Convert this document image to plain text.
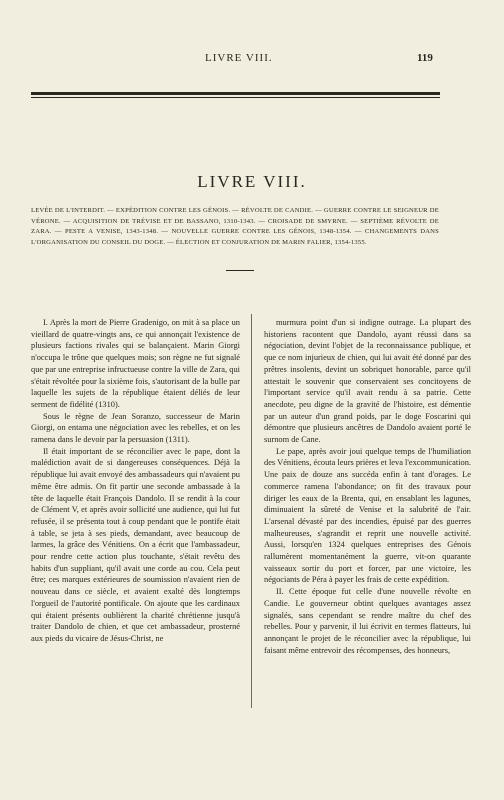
LIVRE VIII.	119
LIVRE VIII.
LEVÉE DE L'INTERDIT. — EXPÉDITION CONTRE LES GÉNOIS. — RÉVOLTE DE CANDIE. — GUERRE CONTRE LE SEIGNEUR DE VÉRONE. — ACQUISITION DE TRÉVISE ET DE BASSANO, 1310-1343. — CROISADE DE SMYRNE. — SEPTIÈME RÉVOLTE DE ZARA. — PESTE A VENISE, 1343-1348. — NOUVELLE GUERRE CONTRE LES GÉNOIS, 1348-1354. — CHANGEMENTS DANS L'ORGANISATION DU CONSEIL DU DOGE. — ÉLECTION ET CONJURATION DE MARIN FALIER, 1354-1355.

I. Après la mort de Pierre Gradenigo, on mit à sa place un vieillard de quatre-vingts ans, ce qui annonçait l'existence de plusieurs factions rivales qui se balançaient. Marin Giorgi n'occupa le trône que quelques mois; son règne ne fut signalé que par une entreprise infructueuse contre la ville de Zara, qui s'était révoltée pour la sixième fois, s'autorisant de la bulle par laquelle les sujets de la république étaient déliés de leur serment de fidélité (1310).

Sous le règne de Jean Soranzo, successeur de Marin Giorgi, on entama une négociation avec les rebelles, et on les ramena dans le devoir par la persuasion (1311).

Il était important de se réconcilier avec le pape, dont la malédiction avait de si dangereuses conséquences. Déjà la république lui avait envoyé des ambassadeurs qui n'avaient pu même être admis. On fit partir une seconde ambassade à la tête de laquelle était François Dandolo. Il se rendit à la cour de Clément V, et après avoir sollicité une audience, qui lui fut refusée, il se présenta tout à coup pendant que le pontife était à table, se jeta à ses pieds, demandant, avec beaucoup de larmes, la grâce des Vénitiens. On a écrit que l'ambassadeur, pour rendre cette action plus touchante, s'était revêtu des habits d'un suppliant, qu'il avait une corde au cou. Cela peut être; ces marques extérieures de soumission n'avaient rien de nouveau dans ce siècle, et avaient exalté dès longtemps l'orgueil de l'autorité pontificale. On ajoute que les cardinaux qui étaient présents oublièrent la charité chrétienne jusqu'à traiter Dandolo de chien, et que cet ambassadeur, prosterné aux pieds du vicaire de Jésus-Christ, ne

murmura point d'un si indigne outrage. La plupart des historiens racontent que Dandolo, ayant réussi dans sa négociation, devint l'objet de la reconnaissance publique, et que ce nom injurieux de chien, qui lui avait été donné par des prêtres insolents, devint un sobriquet honorable, parce qu'il attestait le souvenir que conservaient ses concitoyens de l'important service qu'il avait rendu à sa patrie. Cette anecdote, peu digne de la gravité de l'histoire, est démentie par un auteur d'un grand poids, par le doge Foscarini qui démontre que plusieurs ancêtres de Dandolo avaient porté le surnom de Cane.

Le pape, après avoir joui quelque temps de l'humiliation des Vénitiens, écouta leurs prières et leva l'excommunication. Une paix de douze ans succéda enfin à tant d'orages. Le commerce ramena l'abondance; on fit des travaux pour diriger les eaux de la Brenta, qui, en ensablant les lagunes, diminuaient la sûreté de Venise et la salubrité de l'air. L'arsenal dévasté par des incendies, épuisé par des guerres malheureuses, s'agrandit et reprit une nouvelle activité. Aussi, lorsqu'en 1324 quelques entreprises des Génois rallumèrent momentanément la guerre, vit-on quarante vaisseaux sortir du port et forcer, par une victoire, les négociants de Péra à payer les frais de cette expédition.

II. Cette époque fut celle d'une nouvelle révolte en Candie. Le gouverneur obtint quelques avantages assez signalés, sans cependant se rendre maître du chef des rebelles. Pour y parvenir, il lui écrivit en termes flatteurs, lui annonçant le projet de le réconcilier avec la république, lui faisant même entrevoir des récompenses, des honneurs,
